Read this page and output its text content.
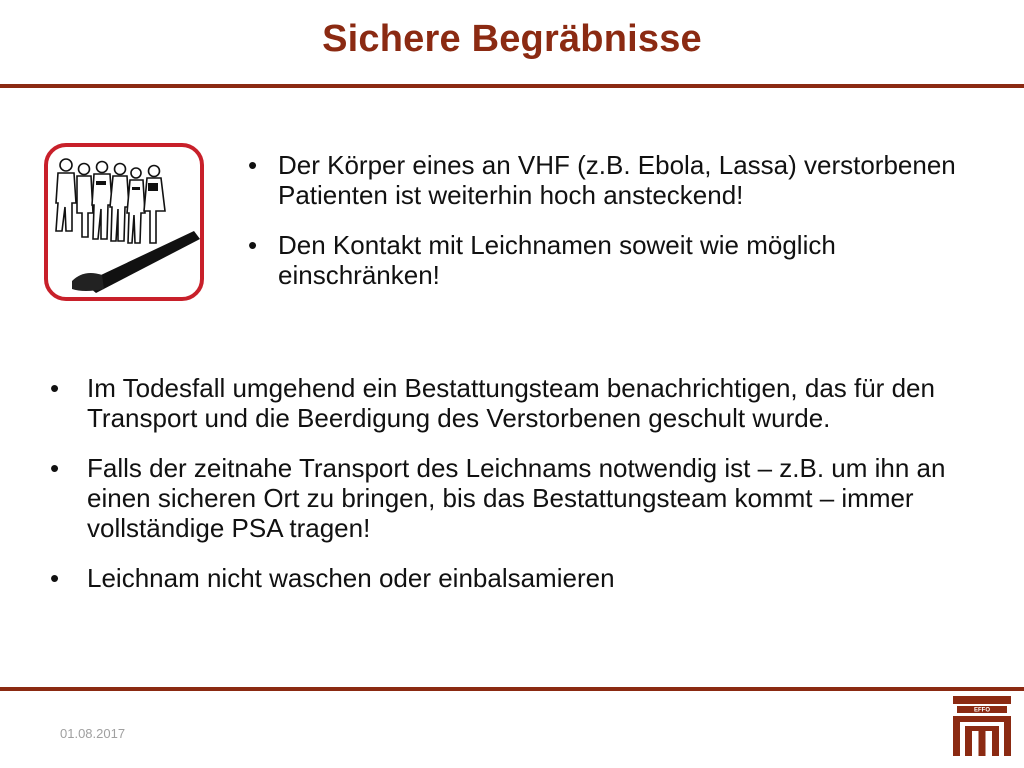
Sichere Begräbnisse
• Der Körper eines an VHF (z.B. Ebola, Lassa) verstorbenen Patienten ist weiterhin hoch ansteckend!
• Den Kontakt mit Leichnamen soweit wie möglich einschränken!
• Im Todesfall umgehend ein Bestattungsteam benachrichtigen, das für den Transport und die Beerdigung des Verstorbenen geschult wurde.
• Falls der zeitnahe Transport des Leichnams notwendig ist – z.B. um ihn an einen sicheren Ort zu bringen, bis das Bestattungsteam kommt – immer vollständige PSA tragen!
• Leichnam nicht waschen oder einbalsamieren
01.08.2017
EFFO
